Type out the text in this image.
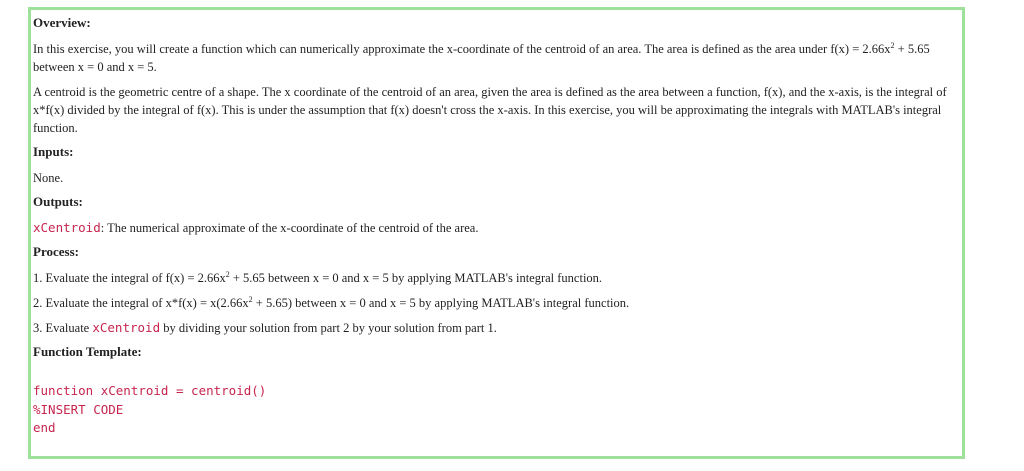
Overview:
In this exercise, you will create a function which can numerically approximate the x-coordinate of the centroid of an area. The area is defined as the area under $f(x) = 2.66x^2 + 5.65$ between x = 0 and x = 5.
A centroid is the geometric centre of a shape. The x coordinate of the centroid of an area, given the area is defined as the area between a function, f(x), and the x-axis, is the integral of x*f(x) divided by the integral of f(x). This is under the assumption that f(x) doesn't cross the x-axis. In this exercise, you will be approximating the integrals with MATLAB's integral function.
Inputs:
None.
Outputs:
xCentroid: The numerical approximate of the x-coordinate of the centroid of the area.
Process:
1. Evaluate the integral of $f(x) = 2.66x^2 + 5.65$ between x = 0 and x = 5 by applying MATLAB's integral function.
2. Evaluate the integral of $x*f(x) = x(2.66x^2 + 5.65)$ between x = 0 and x = 5 by applying MATLAB's integral function.
3. Evaluate xCentroid by dividing your solution from part 2 by your solution from part 1.
Function Template:
function xCentroid = centroid()
%INSERT CODE
end
